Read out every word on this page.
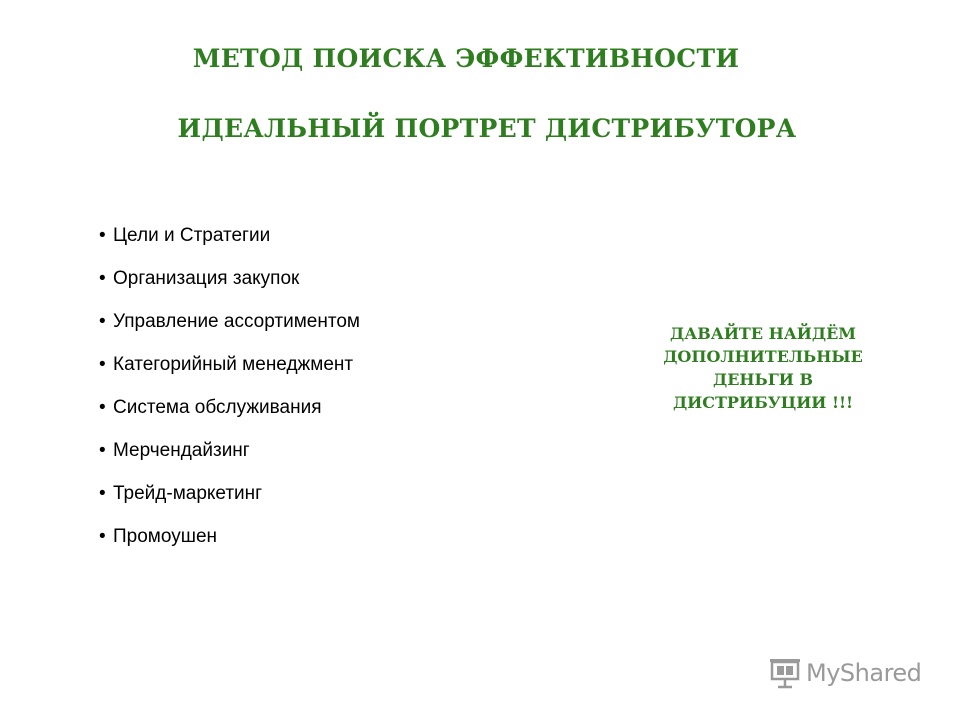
МЕТОД ПОИСКА ЭФФЕКТИВНОСТИ
ИДЕАЛЬНЫЙ ПОРТРЕТ ДИСТРИБУТОРА
• Цели и Стратегии
• Организация закупок
• Управление ассортиментом
• Категорийный менеджмент
• Система обслуживания
• Мерчендайзинг
• Трейд-маркетинг
• Промоушен
ДАВАЙТЕ НАЙДЁМ ДОПОЛНИТЕЛЬНЫЕ ДЕНЬГИ В ДИСТРИБУЦИИ !!!
MyShared
